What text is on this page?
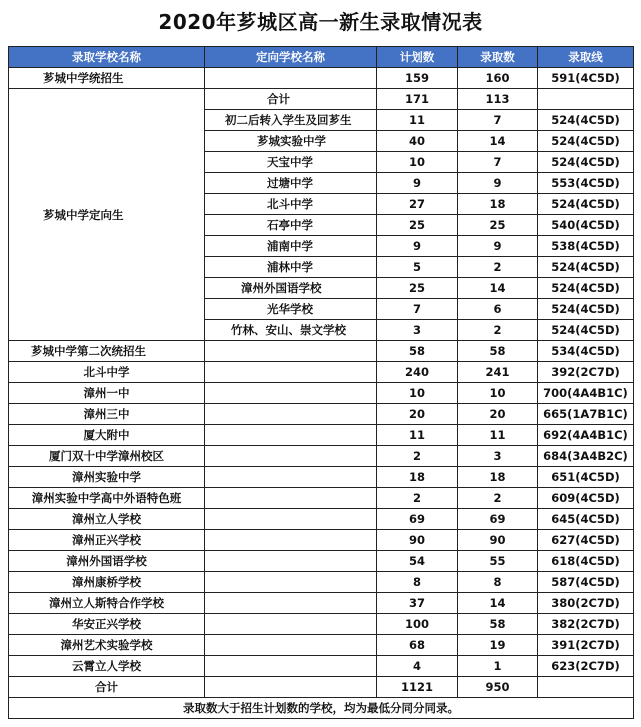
2020年芗城区高一新生录取情况表
录取学校名称	定向学校名称	计划数	录取数	录取线
芗城中学统招生		159	160	591(4C5D)
芗城中学定向生	合计	171	113	
	初二后转入学生及回芗生	11	7	524(4C5D)
	芗城实验中学	40	14	524(4C5D)
	天宝中学	10	7	524(4C5D)
	过塘中学	9	9	553(4C5D)
	北斗中学	27	18	524(4C5D)
	石亭中学	25	25	540(4C5D)
	浦南中学	9	9	538(4C5D)
	浦林中学	5	2	524(4C5D)
	漳州外国语学校	25	14	524(4C5D)
	光华学校	7	6	524(4C5D)
	竹林、安山、崇文学校	3	2	524(4C5D)
芗城中学第二次统招生		58	58	534(4C5D)
北斗中学		240	241	392(2C7D)
漳州一中		10	10	700(4A4B1C)
漳州三中		20	20	665(1A7B1C)
厦大附中		11	11	692(4A4B1C)
厦门双十中学漳州校区		2	3	684(3A4B2C)
漳州实验中学		18	18	651(4C5D)
漳州实验中学高中外语特色班		2	2	609(4C5D)
漳州立人学校		69	69	645(4C5D)
漳州正兴学校		90	90	627(4C5D)
漳州外国语学校		54	55	618(4C5D)
漳州康桥学校		8	8	587(4C5D)
漳州立人斯特合作学校		37	14	380(2C7D)
华安正兴学校		100	58	382(2C7D)
漳州艺术实验学校		68	19	391(2C7D)
云霄立人学校		4	1	623(2C7D)
合计		1121	950	
录取数大于招生计划数的学校，均为最低分同分同录。				
